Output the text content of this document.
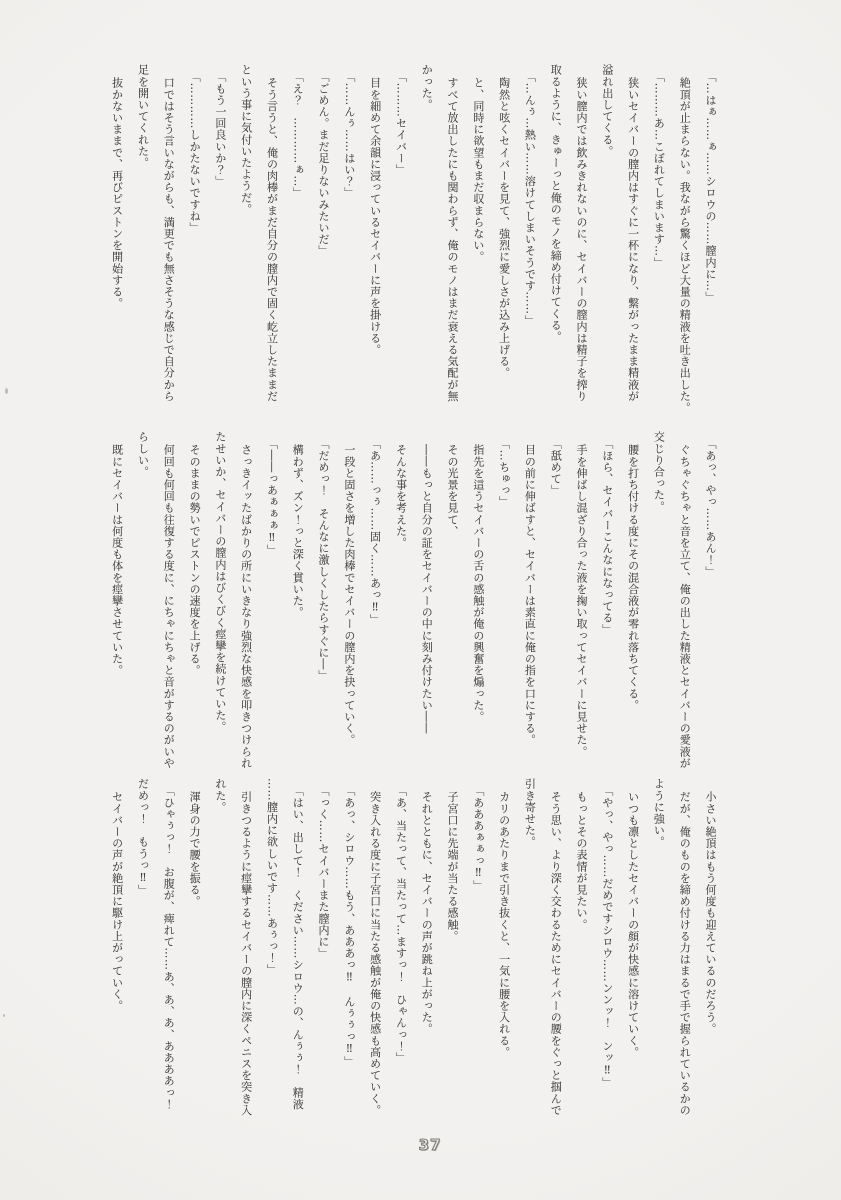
「…はぁ……ぁ……シロウの……膣内に…」

絶頂が止まらない。我ながら驚くほど大量の精液を吐き出した。

「………あ…こぼれてしまいます…」

狭いセイバーの膣内はすぐに一杯になり、繋がったまま精液が

溢れ出してくる。

狭い膣内では飲みきれないのに、セイバーの膣内は精子を搾り

取るように、きゅーっと俺のモノを締め付けてくる。

「…んぅ…熱い……溶けてしまいそうです……」

陶然と呟くセイバーを見て、強烈に愛しさが込み上げる。

と、同時に欲望もまだ収まらない。

すべて放出したにも関わらず、俺のモノはまだ衰える気配が無

かった。

「………セイバー」

目を細めて余韻に浸っているセイバーに声を掛ける。

「……んぅ……はい？」

「ごめん。まだ足りないみたいだ」

「え？　…………ぁ…」

そう言うと、俺の肉棒がまだ自分の膣内で固く屹立したままだ

という事に気付いたようだ。

「もう一回良いか？」

「…………しかたないですね」

口ではそう言いながらも、満更でも無さそうな感じで自分から

足を開いてくれた。

抜かないままで、再びピストンを開始する。

「あっ、やっ……あん！」

ぐちゃぐちゃと音を立て、俺の出した精液とセイバーの愛液が

交じり合った。

腰を打ち付ける度にその混合液が零れ落ちてくる。

「ほら、セイバーこんなになってる」

手を伸ばし混ざり合った液を掬い取ってセイバーに見せた。

「舐めて」

目の前に伸ばすと、セイバーは素直に俺の指を口にする。

「…ちゅっ」

指先を這うセイバーの舌の感触が俺の興奮を煽った。

その光景を見て、

――もっと自分の証をセイバーの中に刻み付けたい――

そんな事を考えた。

「あ……っぅ……固く……あっ‼」

一段と固さを増した肉棒でセイバーの膣内を抉っていく。

「だめっ！　そんなに激しくしたらすぐに―」

構わず、ズン！っと深く貫いた。

「――っあぁぁぁ‼」

さっきイッたばかりの所にいきなり強烈な快感を叩きつけられ

たせいか、セイバーの膣内はびくびく痙攣を続けていた。

そのままの勢いでピストンの速度を上げる。

何回も何回も往復する度に、にちゃにちゃと音がするのがいや

らしい。

既にセイバーは何度も体を痙攣させていた。

小さい絶頂はもう何度も迎えているのだろう。

だが、俺のものを締め付ける力はまるで手で握られているかの

ように強い。

いつも凛としたセイバーの顔が快感に溶けていく。

「やっ、やっ……だめですシロウ……ンンッ！　ンッ‼」

もっとその表情が見たい。

そう思い、より深く交わるためにセイバーの腰をぐっと掴んで

引き寄せた。

カリのあたりまで引き抜くと、一気に腰を入れる。

「あああぁぁっ‼」

子宮口に先端が当たる感触。

それとともに、セイバーの声が跳ね上がった。

「あ、当たって、当たって…ますっ！　ひゃんっ！」

突き入れる度に子宮口に当たる感触が俺の快感も高めていく。

「あっ、シロウ……もう、あああっ‼　んぅぅっ‼」

「っく……セイバーまた膣内に」

「はい、出して！　ください……シロウ…の、んぅぅ！　精液

……膣内に欲しいです……あぅっ！」

引きつるように痙攣するセイバーの膣内に深くペニスを突き入

れた。

渾身の力で腰を振る。

「ひゃぅっ！　お腹が、痺れて……あ、あ、あ、ああああっ！

だめっ！　もうっ‼」

セイバーの声が絶頂に駆け上がっていく。

37
